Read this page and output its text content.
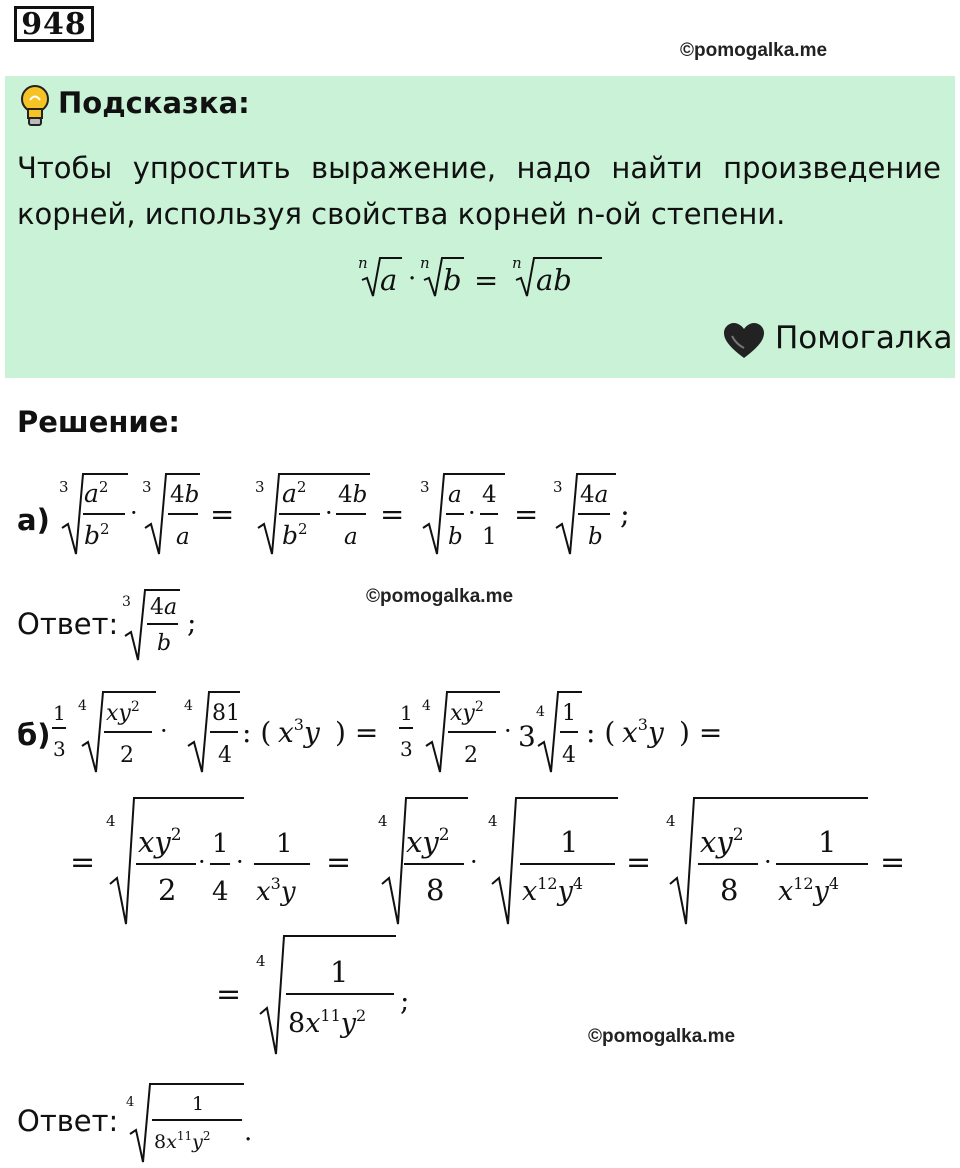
948
©pomogalka.me
Подсказка:
Чтобы упростить выражение, надо найти произведение корней, используя свойства корней n-ой степени.
n a ·
n b = n ab
Помогалка
Решение:
а)
3 $a^2$
$b^2$
·
3 4b
a
=
3 $a^2$
$b^2$
·
4b
a
=
3 a
b
·
4
1
=
3 4a
b
;
Ответ:
3 4a
b
;
©pomogalka.me
б)
1
3
4 $xy^2$
2
·
4 81
4
: ( $x^3y$ ) =
1
3
4 $xy^2$
2
· 3
4 1
4
: ( $x^3y$ ) =
=
4
$xy^2$
2
·
1
4
·
1
$x^3y$
=
4
$xy^2$
8
·
4
1
$x^{12}y^4$
=
4
$xy^2$
8
·
1
$x^{12}y^4$
=
=
4 1
$8x^{11}y^2$ ;
©pomogalka.me
Ответ:
4	1
$8x^{11}y^2$ .
